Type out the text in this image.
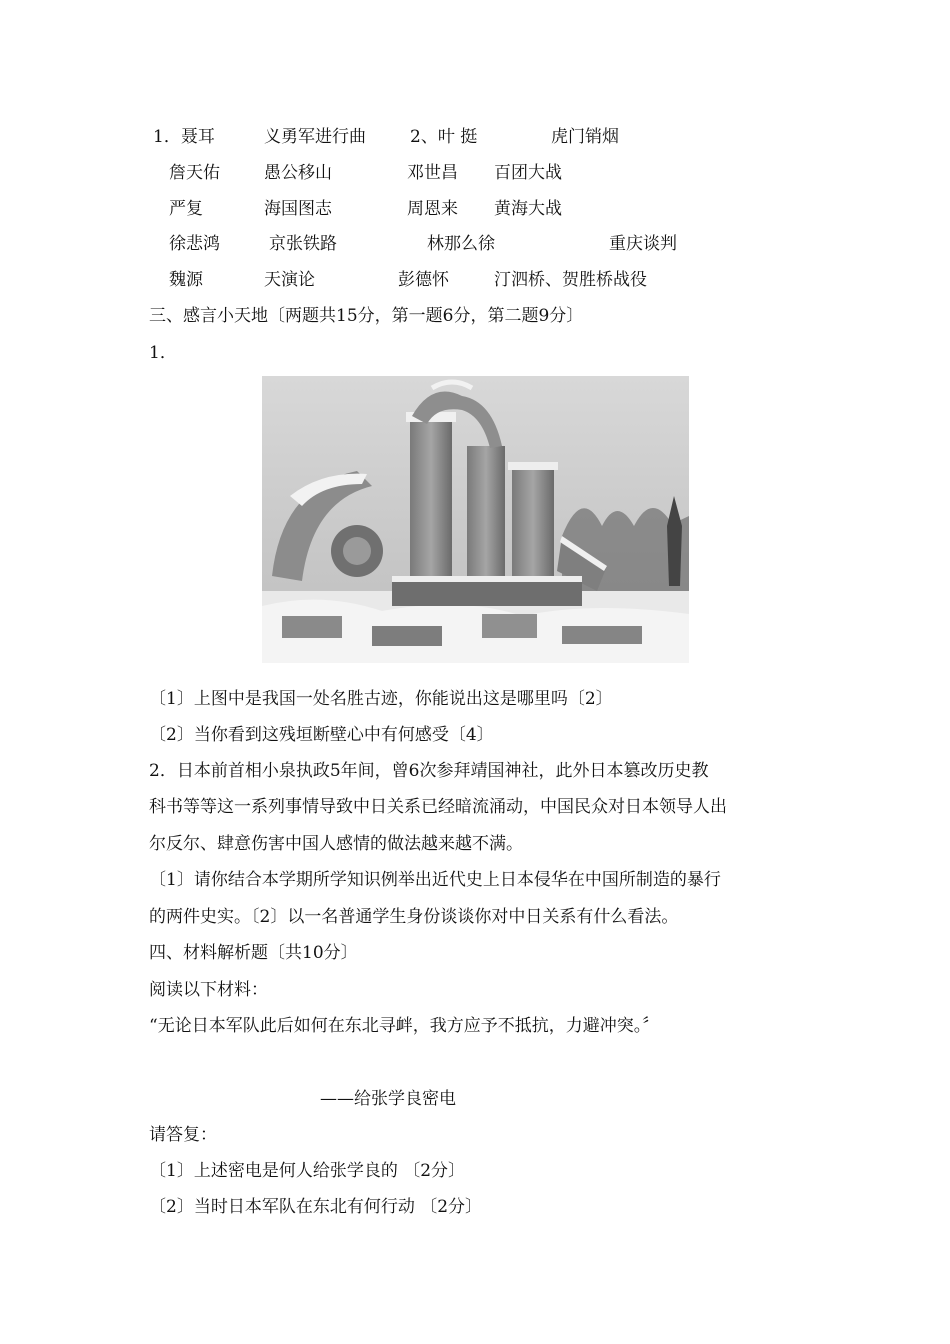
1．聂耳	义勇军进行曲	2、叶 挺	虎门销烟
詹天佑	愚公移山	邓世昌 百团大战
严复	海国图志	周恩来 黄海大战
徐悲鸿	京张铁路	林那么徐	重庆谈判
魏源	天演论	彭德怀	汀泗桥、贺胜桥战役
三、感言小天地〔两题共15分，第一题6分，第二题9分〕
1．
〔1〕上图中是我国一处名胜古迹，你能说出这是哪里吗〔2〕
〔2〕当你看到这残垣断壁心中有何感受〔4〕
2．日本前首相小泉执政5年间，曾6次参拜靖国神社，此外日本篡改历史教
科书等等这一系列事情导致中日关系已经暗流涌动，中国民众对日本领导人出
尔反尔、肆意伤害中国人感情的做法越来越不满。
〔1〕请你结合本学期所学知识例举出近代史上日本侵华在中国所制造的暴行
的两件史实。〔2〕以一名普通学生身份谈谈你对中日关系有什么看法。
四、材料解析题〔共10分〕
阅读以下材料：
“无论日本军队此后如何在东北寻衅，我方应予不抵抗，力避冲突。〞
——给张学良密电
请答复：
〔1〕上述密电是何人给张学良的 〔2分〕
〔2〕当时日本军队在东北有何行动 〔2分〕
